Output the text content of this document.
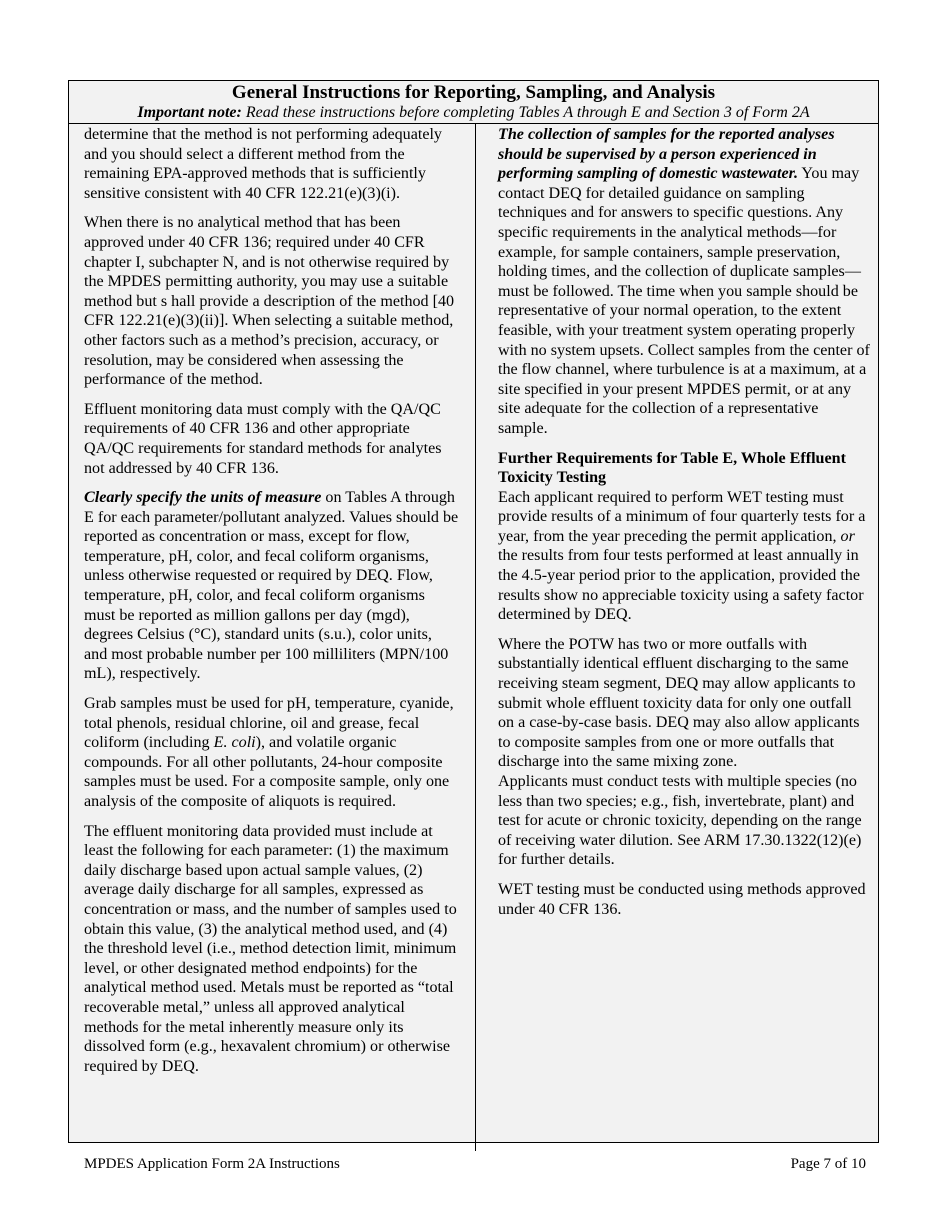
General Instructions for Reporting, Sampling, and Analysis
Important note: Read these instructions before completing Tables A through E and Section 3 of Form 2A

determine that the method is not performing adequately and you should select a different method from the remaining EPA-approved methods that is sufficiently sensitive consistent with 40 CFR 122.21(e)(3)(i).

When there is no analytical method that has been approved under 40 CFR 136; required under 40 CFR chapter I, subchapter N, and is not otherwise required by the MPDES permitting authority, you may use a suitable method but s hall provide a description of the method [40 CFR 122.21(e)(3)(ii)]. When selecting a suitable method, other factors such as a method’s precision, accuracy, or resolution, may be considered when assessing the performance of the method.

Effluent monitoring data must comply with the QA/QC requirements of 40 CFR 136 and other appropriate QA/QC requirements for standard methods for analytes not addressed by 40 CFR 136.

Clearly specify the units of measure on Tables A through E for each parameter/pollutant analyzed. Values should be reported as concentration or mass, except for flow, temperature, pH, color, and fecal coliform organisms, unless otherwise requested or required by DEQ. Flow, temperature, pH, color, and fecal coliform organisms must be reported as million gallons per day (mgd), degrees Celsius (°C), standard units (s.u.), color units, and most probable number per 100 milliliters (MPN/100 mL), respectively.

Grab samples must be used for pH, temperature, cyanide, total phenols, residual chlorine, oil and grease, fecal coliform (including E. coli), and volatile organic compounds. For all other pollutants, 24-hour composite samples must be used. For a composite sample, only one analysis of the composite of aliquots is required.

The effluent monitoring data provided must include at least the following for each parameter: (1) the maximum daily discharge based upon actual sample values, (2) average daily discharge for all samples, expressed as concentration or mass, and the number of samples used to obtain this value, (3) the analytical method used, and (4) the threshold level (i.e., method detection limit, minimum level, or other designated method endpoints) for the analytical method used. Metals must be reported as “total recoverable metal,” unless all approved analytical methods for the metal inherently measure only its dissolved form (e.g., hexavalent chromium) or otherwise required by DEQ.

The collection of samples for the reported analyses should be supervised by a person experienced in performing sampling of domestic wastewater. You may contact DEQ for detailed guidance on sampling techniques and for answers to specific questions. Any specific requirements in the analytical methods—for example, for sample containers, sample preservation, holding times, and the collection of duplicate samples—must be followed. The time when you sample should be representative of your normal operation, to the extent feasible, with your treatment system operating properly with no system upsets. Collect samples from the center of the flow channel, where turbulence is at a maximum, at a site specified in your present MPDES permit, or at any site adequate for the collection of a representative sample.

Further Requirements for Table E, Whole Effluent Toxicity Testing

Each applicant required to perform WET testing must provide results of a minimum of four quarterly tests for a year, from the year preceding the permit application, or the results from four tests performed at least annually in the 4.5-year period prior to the application, provided the results show no appreciable toxicity using a safety factor determined by DEQ.

Where the POTW has two or more outfalls with substantially identical effluent discharging to the same receiving steam segment, DEQ may allow applicants to submit whole effluent toxicity data for only one outfall on a case-by-case basis. DEQ may also allow applicants to composite samples from one or more outfalls that discharge into the same mixing zone.

Applicants must conduct tests with multiple species (no less than two species; e.g., fish, invertebrate, plant) and test for acute or chronic toxicity, depending on the range of receiving water dilution. See ARM 17.30.1322(12)(e) for further details.

WET testing must be conducted using methods approved under 40 CFR 136.

MPDES Application Form 2A Instructions	Page 7 of 10
